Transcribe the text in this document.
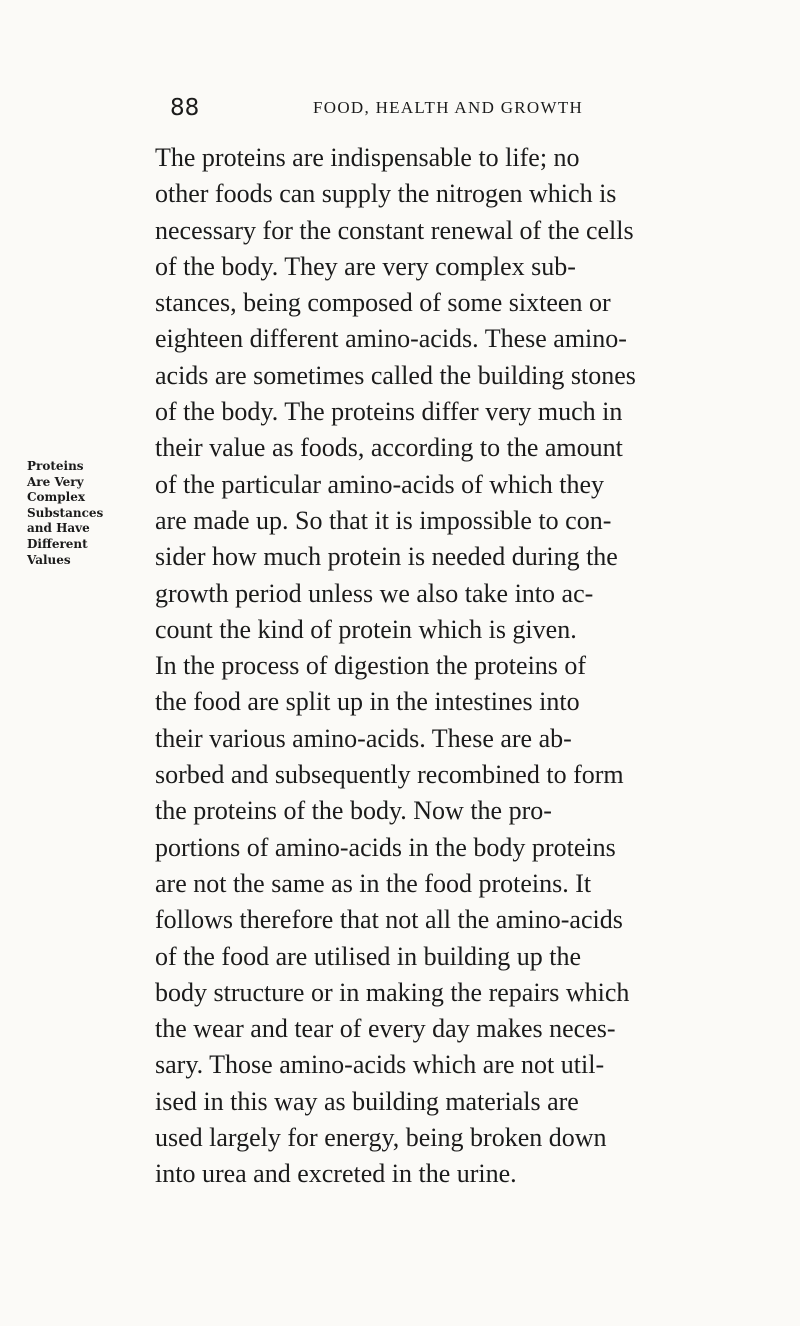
88	FOOD, HEALTH AND GROWTH
Proteins
Are Very
Complex
Substances
and Have
Different
Values
The proteins are indispensable to life; no
other foods can supply the nitrogen which is
necessary for the constant renewal of the cells
of the body. They are very complex sub-
stances, being composed of some sixteen or
eighteen different amino-acids. These amino-
acids are sometimes called the building stones
of the body. The proteins differ very much in
their value as foods, according to the amount
of the particular amino-acids of which they
are made up. So that it is impossible to con-
sider how much protein is needed during the
growth period unless we also take into ac-
count the kind of protein which is given.
In the process of digestion the proteins of
the food are split up in the intestines into
their various amino-acids. These are ab-
sorbed and subsequently recombined to form
the proteins of the body. Now the pro-
portions of amino-acids in the body proteins
are not the same as in the food proteins. It
follows therefore that not all the amino-acids
of the food are utilised in building up the
body structure or in making the repairs which
the wear and tear of every day makes neces-
sary. Those amino-acids which are not util-
ised in this way as building materials are
used largely for energy, being broken down
into urea and excreted in the urine.
